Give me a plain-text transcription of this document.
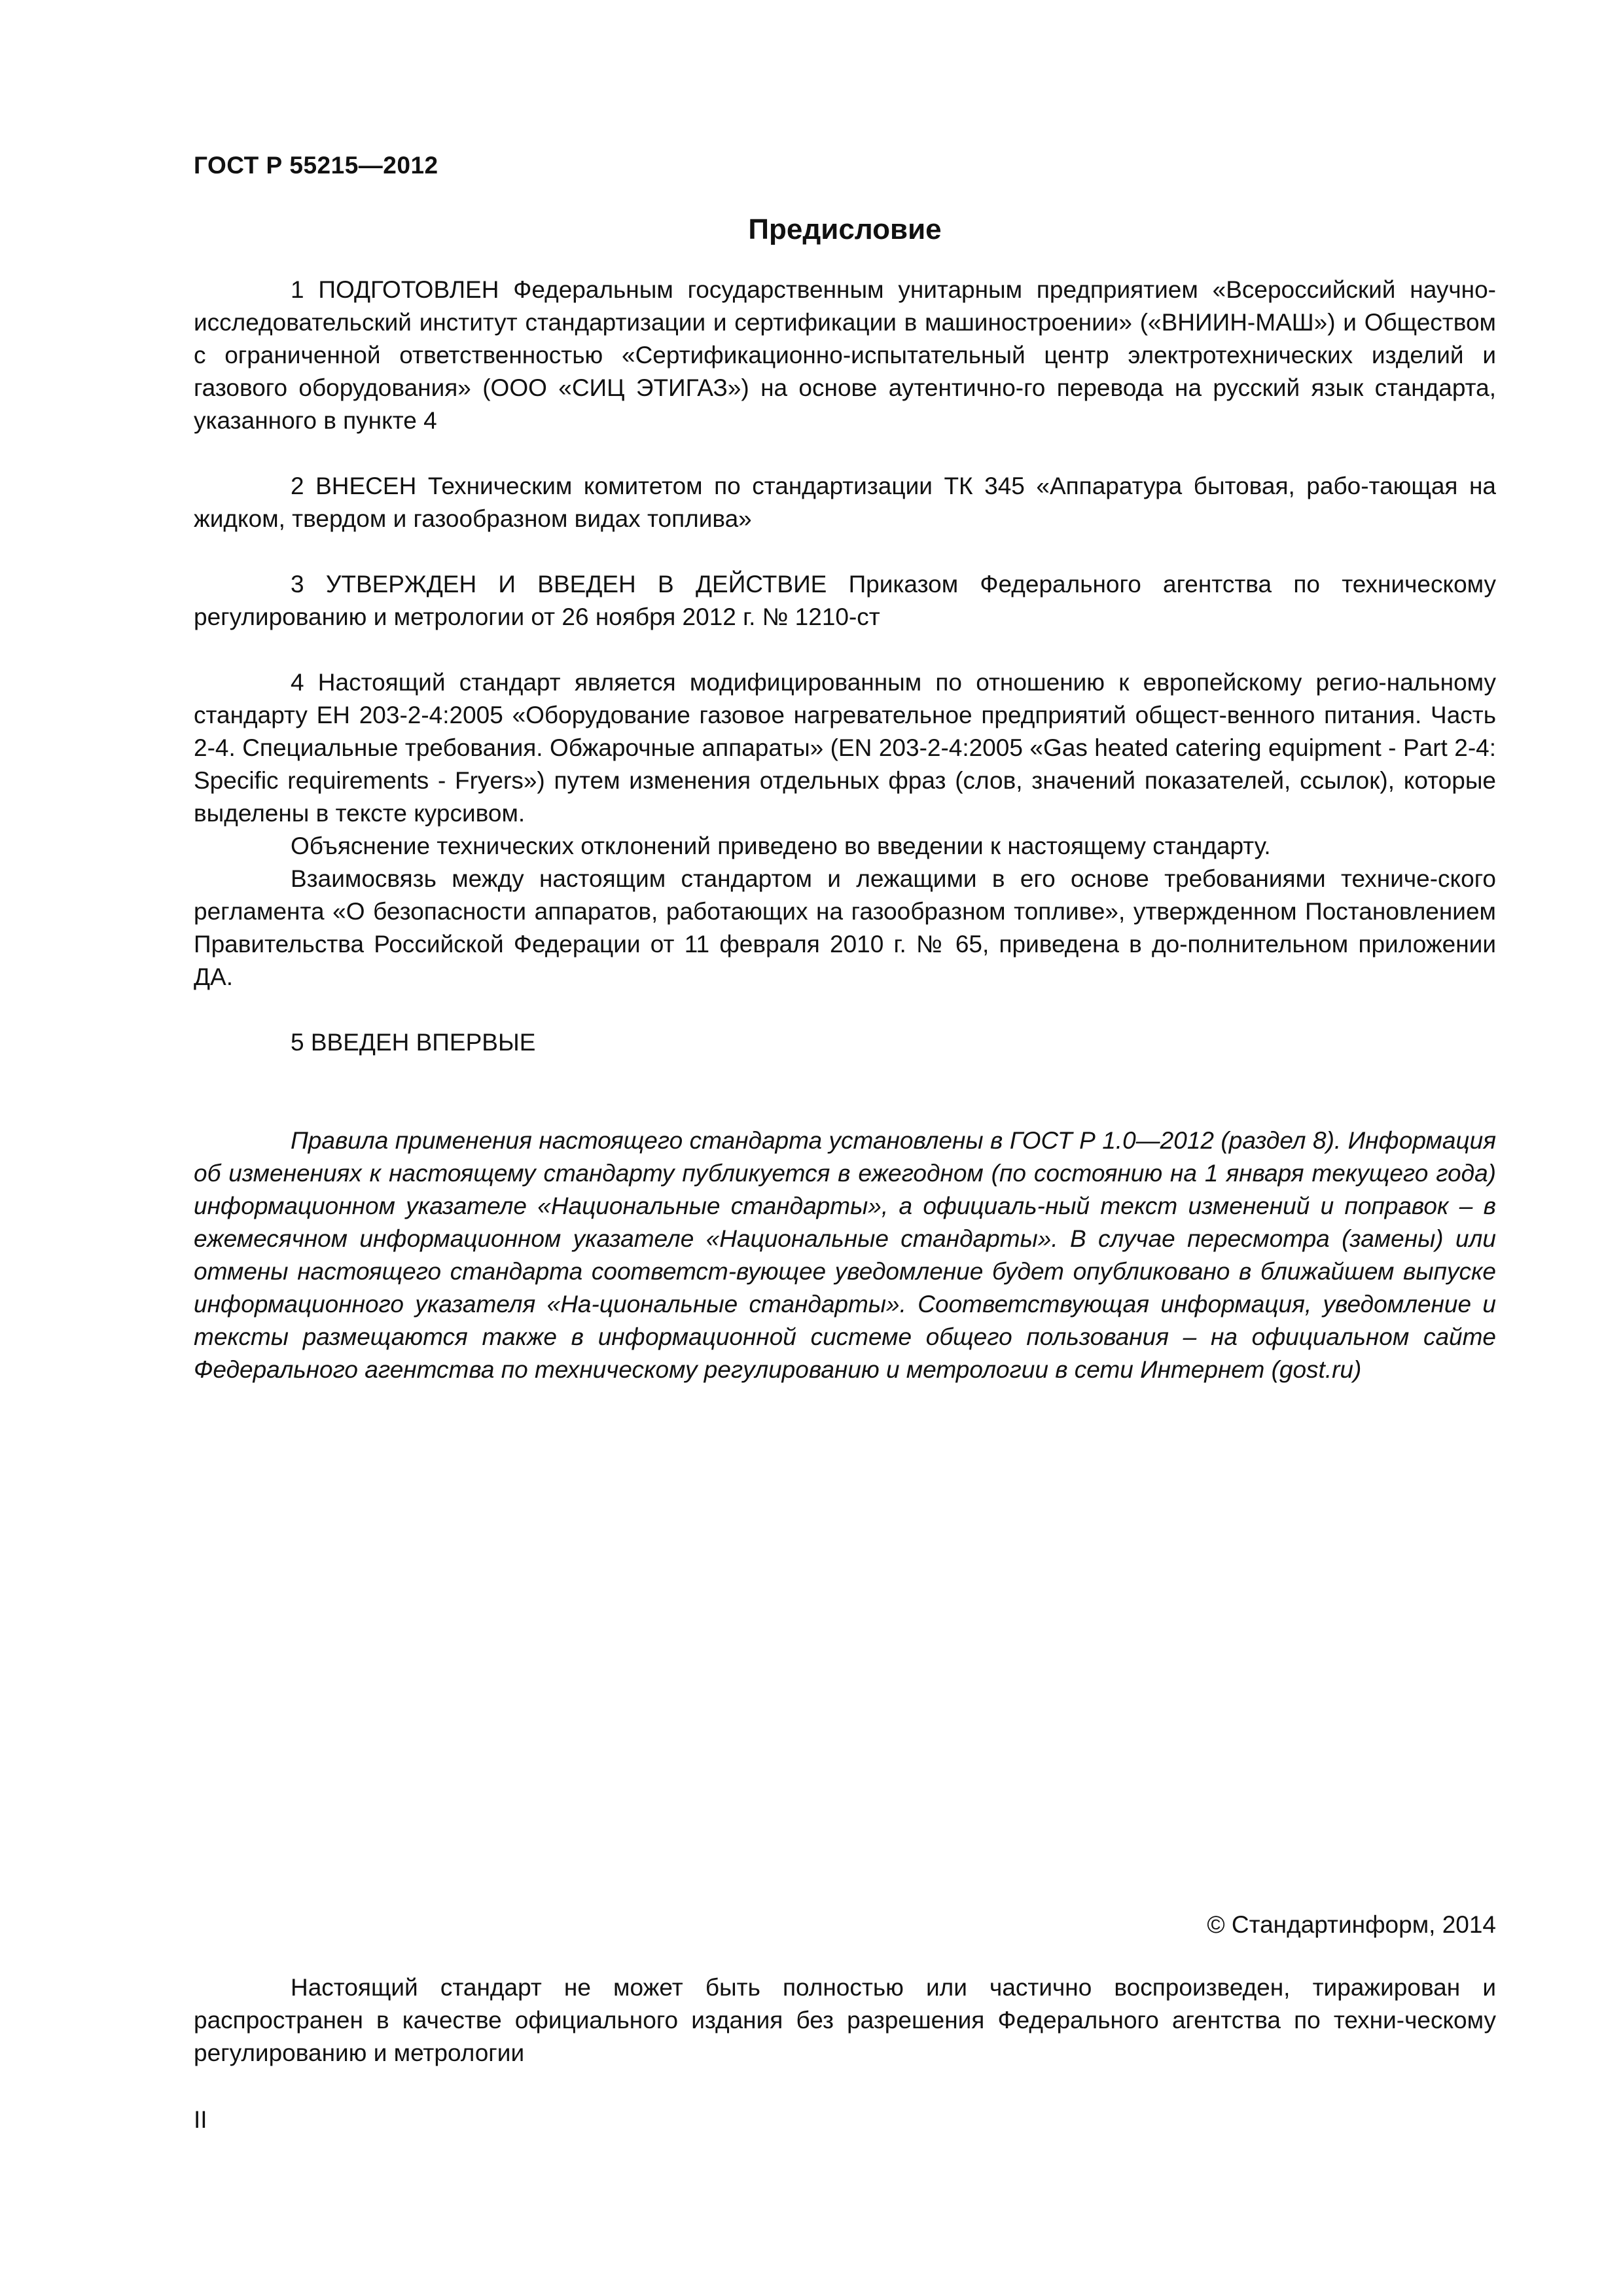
ГОСТ Р 55215—2012
Предисловие

1 ПОДГОТОВЛЕН Федеральным государственным унитарным предприятием «Всероссийский научно-исследовательский институт стандартизации и сертификации в машиностроении» («ВНИИН-МАШ») и Обществом с ограниченной ответственностью «Сертификационно-испытательный центр электротехнических изделий и газового оборудования» (ООО «СИЦ ЭТИГАЗ») на основе аутентично-го перевода на русский язык стандарта, указанного в пункте 4

2 ВНЕСЕН Техническим комитетом по стандартизации ТК 345 «Аппаратура бытовая, рабо-тающая на жидком, твердом и газообразном видах топлива»

3 УТВЕРЖДЕН И ВВЕДЕН В ДЕЙСТВИЕ Приказом Федерального агентства по техническому регулированию и метрологии от 26 ноября 2012 г. № 1210-ст

4 Настоящий стандарт является модифицированным по отношению к европейскому регио-нальному стандарту ЕН 203-2-4:2005 «Оборудование газовое нагревательное предприятий общест-венного питания. Часть 2-4. Специальные требования. Обжарочные аппараты» (EN 203-2-4:2005 «Gas heated catering equipment - Part 2-4: Specific requirements - Fryers») путем изменения отдельных фраз (слов, значений показателей, ссылок), которые выделены в тексте курсивом.

Объяснение технических отклонений приведено во введении к настоящему стандарту.

Взаимосвязь между настоящим стандартом и лежащими в его основе требованиями техниче-ского регламента «О безопасности аппаратов, работающих на газообразном топливе», утвержденном Постановлением Правительства Российской Федерации от 11 февраля 2010 г. № 65, приведена в до-полнительном приложении ДА.

5 ВВЕДЕН ВПЕРВЫЕ

Правила применения настоящего стандарта установлены в ГОСТ Р 1.0—2012 (раздел 8). Информация об изменениях к настоящему стандарту публикуется в ежегодном (по состоянию на 1 января текущего года) информационном указателе «Национальные стандарты», а официаль-ный текст изменений и поправок – в ежемесячном информационном указателе «Национальные стандарты». В случае пересмотра (замены) или отмены настоящего стандарта соответст-вующее уведомление будет опубликовано в ближайшем выпуске информационного указателя «На-циональные стандарты». Соответствующая информация, уведомление и тексты размещаются также в информационной системе общего пользования – на официальном сайте Федерального агентства по техническому регулированию и метрологии в сети Интернет (gost.ru)

© Стандартинформ, 2014

Настоящий стандарт не может быть полностью или частично воспроизведен, тиражирован и распространен в качестве официального издания без разрешения Федерального агентства по техни-ческому регулированию и метрологии

II
